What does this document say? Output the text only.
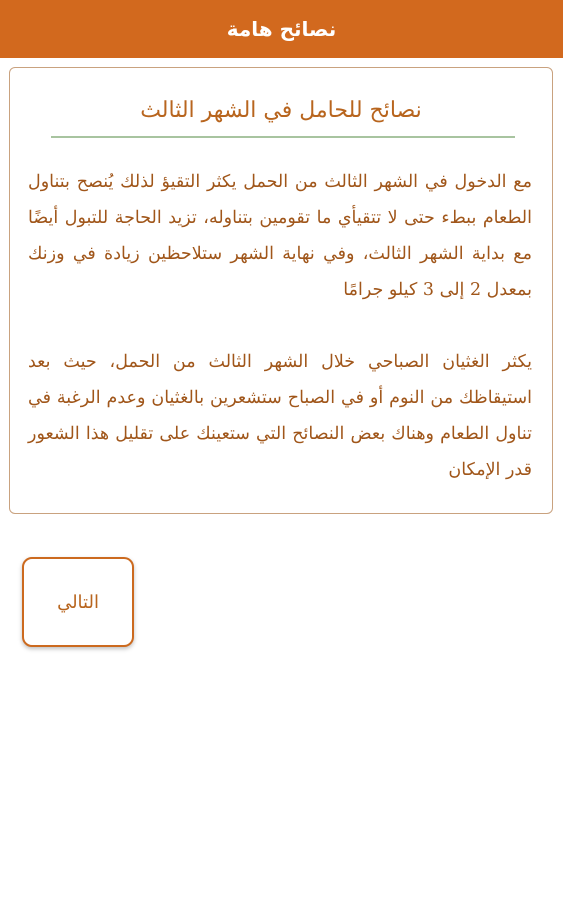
نصائح هامة
نصائح للحامل في الشهر الثالث

مع الدخول في الشهر الثالث من الحمل يكثر التقيؤ لذلك يُنصح بتناول الطعام ببطء حتى لا تتقيأي ما تقومين بتناوله، تزيد الحاجة للتبول أيضًا مع بداية الشهر الثالث، وفي نهاية الشهر ستلاحظين زيادة في وزنك بمعدل 2 إلى 3 كيلو جرامًا

يكثر الغثيان الصباحي خلال الشهر الثالث من الحمل، حيث بعد استيقاظك من النوم أو في الصباح ستشعرين بالغثيان وعدم الرغبة في تناول الطعام وهناك بعض النصائح التي ستعينك على تقليل هذا الشعور قدر الإمكان

التالي
